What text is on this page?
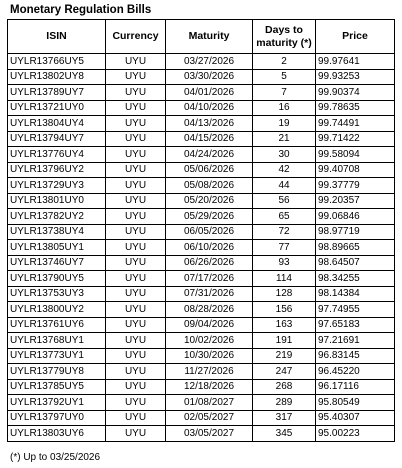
Monetary Regulation Bills
ISIN	Currency	Maturity	Days to maturity (*)	Price
UYLR13766UY5	UYU	03/27/2026	2	99.97641
UYLR13802UY8	UYU	03/30/2026	5	99.93253
UYLR13789UY7	UYU	04/01/2026	7	99.90374
UYLR13721UY0	UYU	04/10/2026	16	99.78635
UYLR13804UY4	UYU	04/13/2026	19	99.74491
UYLR13794UY7	UYU	04/15/2026	21	99.71422
UYLR13776UY4	UYU	04/24/2026	30	99.58094
UYLR13796UY2	UYU	05/06/2026	42	99.40708
UYLR13729UY3	UYU	05/08/2026	44	99.37779
UYLR13801UY0	UYU	05/20/2026	56	99.20357
UYLR13782UY2	UYU	05/29/2026	65	99.06846
UYLR13738UY4	UYU	06/05/2026	72	98.97719
UYLR13805UY1	UYU	06/10/2026	77	98.89665
UYLR13746UY7	UYU	06/26/2026	93	98.64507
UYLR13790UY5	UYU	07/17/2026	114	98.34255
UYLR13753UY3	UYU	07/31/2026	128	98.14384
UYLR13800UY2	UYU	08/28/2026	156	97.74955
UYLR13761UY6	UYU	09/04/2026	163	97.65183
UYLR13768UY1	UYU	10/02/2026	191	97.21691
UYLR13773UY1	UYU	10/30/2026	219	96.83145
UYLR13779UY8	UYU	11/27/2026	247	96.45220
UYLR13785UY5	UYU	12/18/2026	268	96.17116
UYLR13792UY1	UYU	01/08/2027	289	95.80549
UYLR13797UY0	UYU	02/05/2027	317	95.40307
UYLR13803UY6	UYU	03/05/2027	345	95.00223
(*) Up to 03/25/2026
